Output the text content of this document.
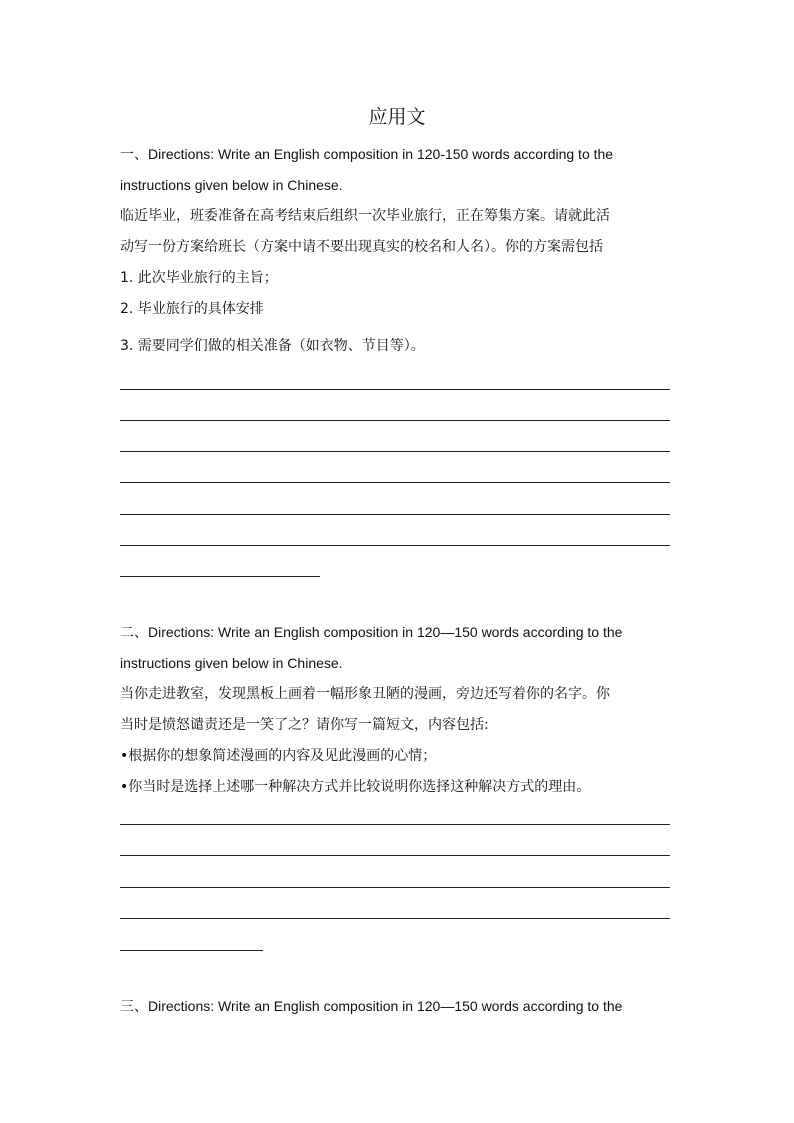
应用文
一、Directions: Write an English composition in 120-150 words according to the
instructions given below in Chinese.
临近毕业，班委准备在高考结束后组织一次毕业旅行，正在筹集方案。请就此活
动写一份方案给班长（方案中请不要出现真实的校名和人名）。你的方案需包括
1. 此次毕业旅行的主旨；
2. 毕业旅行的具体安排
3. 需要同学们做的相关准备（如衣物、节目等）。
二、Directions: Write an English composition in 120—150 words according to the
instructions given below in Chinese.
当你走进教室，发现黑板上画着一幅形象丑陋的漫画，旁边还写着你的名字。你
当时是愤怒谴责还是一笑了之？请你写一篇短文，内容包括:
•根据你的想象简述漫画的内容及见此漫画的心情；
•你当时是选择上述哪一种解决方式并比较说明你选择这种解决方式的理由。
三、Directions: Write an English composition in 120—150 words according to the
